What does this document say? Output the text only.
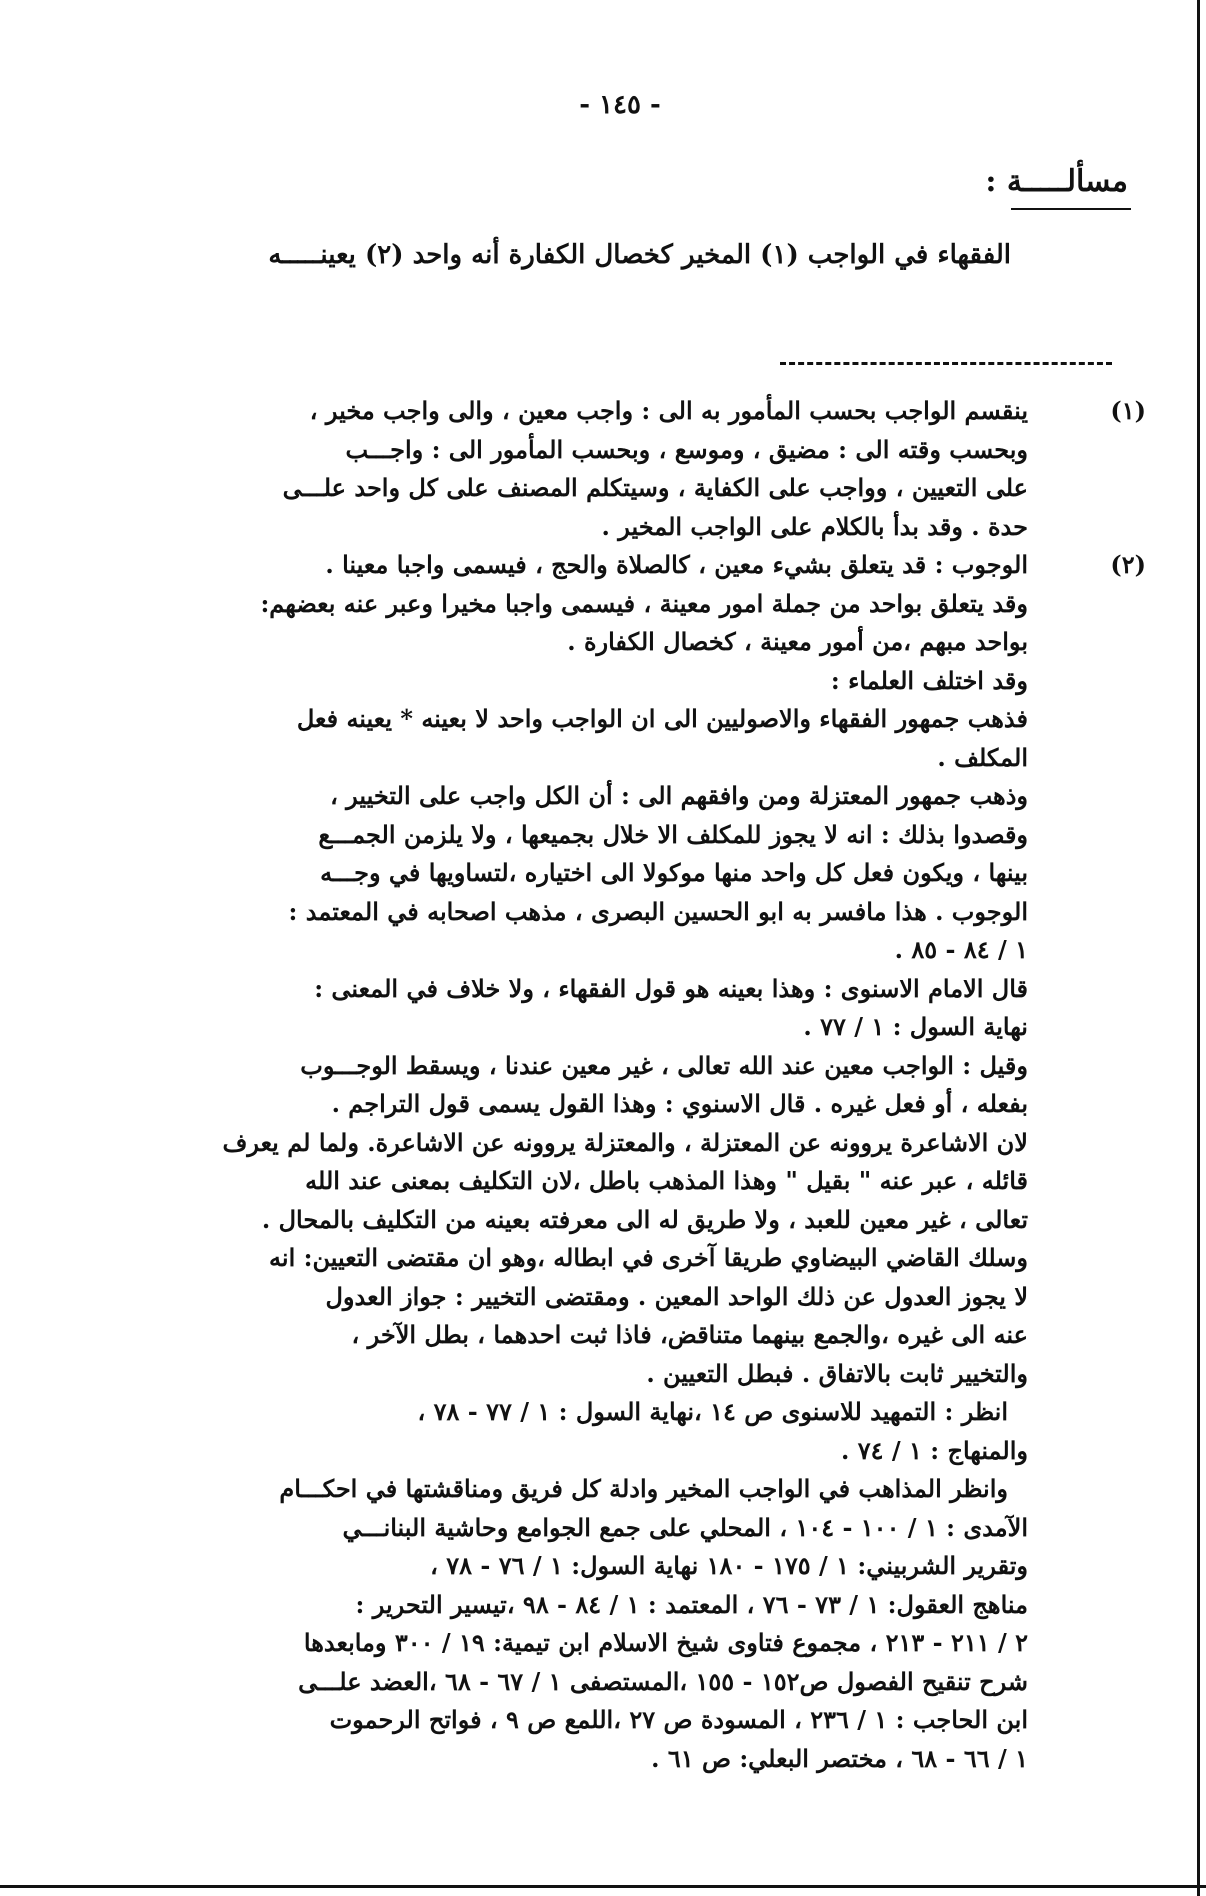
- ١٤٥ -
مسألـــــة :
الفقهاء في الواجب (١) المخير كخصال الكفارة أنه واحد (٢) يعينـــــه
(١)
ينقسم الواجب بحسب المأمور به الى : واجب معين ، والى واجب مخير ،
وبحسب وقته الى : مضيق ، وموسع ، وبحسب المأمور الى : واجـــب
على التعيين ، وواجب على الكفاية ، وسيتكلم المصنف على كل واحد علـــى
حدة . وقد بدأ بالكلام على الواجب المخير .
(٢)
الوجوب : قد يتعلق بشيء معين ، كالصلاة والحج ، فيسمى واجبا معينا .
وقد يتعلق بواحد من جملة امور معينة ، فيسمى واجبا مخيرا وعبر عنه بعضهم:
بواحد مبهم ،من أمور معينة ، كخصال الكفارة .
وقد اختلف العلماء :
فذهب جمهور الفقهاء والاصوليين الى ان الواجب واحد لا بعينه * يعينه فعل
المكلف .
وذهب جمهور المعتزلة ومن وافقهم الى : أن الكل واجب على التخيير ،
وقصدوا بذلك : انه لا يجوز للمكلف الا خلال بجميعها ، ولا يلزمن الجمـــع
بينها ، ويكون فعل كل واحد منها موكولا الى اختياره ،لتساويها في وجـــه
الوجوب . هذا مافسر به ابو الحسين البصرى ، مذهب اصحابه في المعتمد :
١ / ٨٤ - ٨٥ .
قال الامام الاسنوى : وهذا بعينه هو قول الفقهاء ، ولا خلاف في المعنى :
نهاية السول : ١ / ٧٧ .
وقيل : الواجب معين عند الله تعالى ، غير معين عندنا ، ويسقط الوجـــوب
بفعله ، أو فعل غيره . قال الاسنوي : وهذا القول يسمى قول التراجم .
لان الاشاعرة يروونه عن المعتزلة ، والمعتزلة يروونه عن الاشاعرة. ولما لم يعرف
قائله ، عبر عنه " بقيل " وهذا المذهب باطل ،لان التكليف بمعنى عند الله
تعالى ، غير معين للعبد ، ولا طريق له الى معرفته بعينه من التكليف بالمحال .
وسلك القاضي البيضاوي طريقا آخرى في ابطاله ،وهو ان مقتضى التعيين: انه
لا يجوز العدول عن ذلك الواحد المعين . ومقتضى التخيير : جواز العدول
عنه الى غيره ،والجمع بينهما متناقض، فاذا ثبت احدهما ، بطل الآخر ،
والتخيير ثابت بالاتفاق . فبطل التعيين .
انظر : التمهيد للاسنوى ص ١٤ ،نهاية السول : ١ / ٧٧ - ٧٨ ،
والمنهاج : ١ / ٧٤ .
وانظر المذاهب في الواجب المخير وادلة كل فريق ومناقشتها في احكـــام
الآمدى : ١ / ١٠٠ - ١٠٤ ، المحلي على جمع الجوامع وحاشية البنانـــي
وتقرير الشربيني: ١ / ١٧٥ - ١٨٠ نهاية السول: ١ / ٧٦ - ٧٨ ،
مناهج العقول: ١ / ٧٣ - ٧٦ ، المعتمد : ١ / ٨٤ - ٩٨ ،تيسير التحرير :
٢ / ٢١١ - ٢١٣ ، مجموع فتاوى شيخ الاسلام ابن تيمية: ١٩ / ٣٠٠ ومابعدها
شرح تنقيح الفصول ص١٥٢ - ١٥٥ ،المستصفى ١ / ٦٧ - ٦٨ ،العضد علـــى
ابن الحاجب : ١ / ٢٣٦ ، المسودة ص ٢٧ ،اللمع ص ٩ ، فواتح الرحموت
١ / ٦٦ - ٦٨ ، مختصر البعلي: ص ٦١ .
